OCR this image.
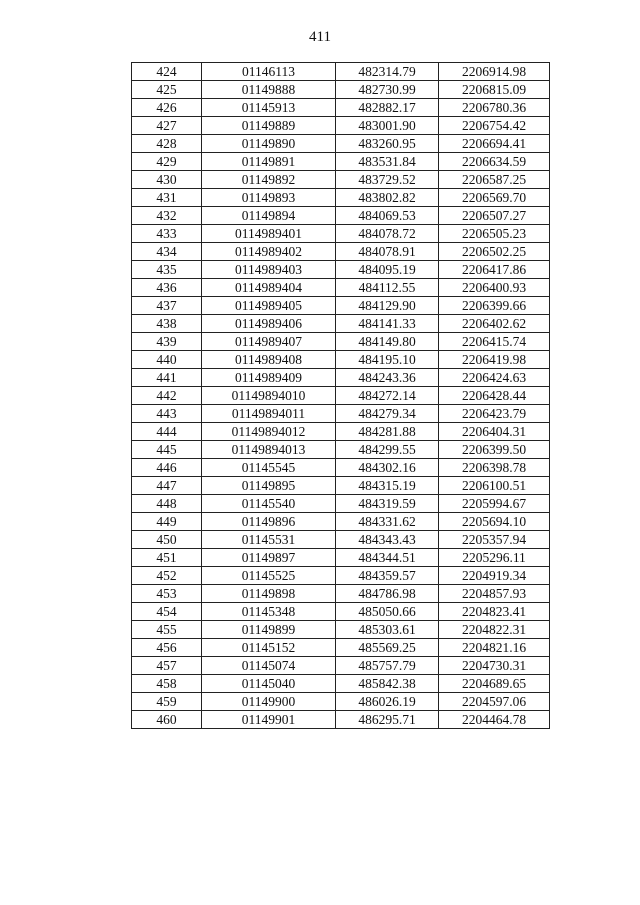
411
424	01146113	482314.79	2206914.98
425	01149888	482730.99	2206815.09
426	01145913	482882.17	2206780.36
427	01149889	483001.90	2206754.42
428	01149890	483260.95	2206694.41
429	01149891	483531.84	2206634.59
430	01149892	483729.52	2206587.25
431	01149893	483802.82	2206569.70
432	01149894	484069.53	2206507.27
433	0114989401	484078.72	2206505.23
434	0114989402	484078.91	2206502.25
435	0114989403	484095.19	2206417.86
436	0114989404	484112.55	2206400.93
437	0114989405	484129.90	2206399.66
438	0114989406	484141.33	2206402.62
439	0114989407	484149.80	2206415.74
440	0114989408	484195.10	2206419.98
441	0114989409	484243.36	2206424.63
442	01149894010	484272.14	2206428.44
443	01149894011	484279.34	2206423.79
444	01149894012	484281.88	2206404.31
445	01149894013	484299.55	2206399.50
446	01145545	484302.16	2206398.78
447	01149895	484315.19	2206100.51
448	01145540	484319.59	2205994.67
449	01149896	484331.62	2205694.10
450	01145531	484343.43	2205357.94
451	01149897	484344.51	2205296.11
452	01145525	484359.57	2204919.34
453	01149898	484786.98	2204857.93
454	01145348	485050.66	2204823.41
455	01149899	485303.61	2204822.31
456	01145152	485569.25	2204821.16
457	01145074	485757.79	2204730.31
458	01145040	485842.38	2204689.65
459	01149900	486026.19	2204597.06
460	01149901	486295.71	2204464.78
